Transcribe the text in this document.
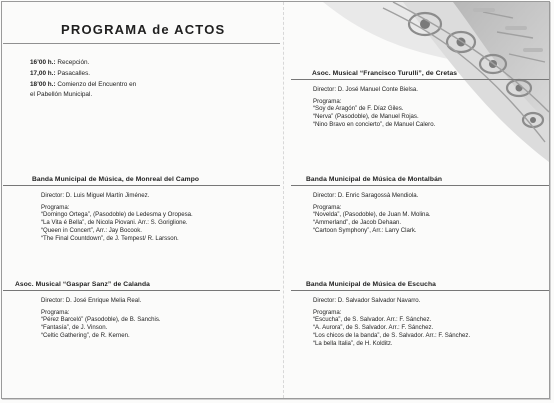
PROGRAMA de ACTOS
16’00 h.: Recepción.
17,00 h.: Pasacalles.
18’00 h.: Comienzo del Encuentro en
el Pabellón Municipal.
Asoc. Musical “Francisco Turulli”, de Cretas
Director: D. José Manuel Conte Bielsa.
Programa:
“Soy de Aragón” de F. Díaz Giles.
“Nerva” (Pasodoble), de Manuel Rojas.
“Nino Bravo en concierto”, de Manuel Calero.
Banda Municipal de Música, de Monreal del Campo
Director: D. Luis Miguel Martín Jiménez.
Programa:
“Domingo Ortega”, (Pasodoble) de Ledesma y Oropesa.
“La Vita é Bella”, de Nicola Piovani. Arr.: S. Goriglione.
“Queen in Concert”, Arr.: Jay Bocook.
“The Final Countdown”, de J. Tempest/ R. Larsson.
Banda Municipal de Música de Montalbán
Director: D. Enric Saragossà Mendiola.
Programa:
“Novelda”, (Pasodoble), de Juan M. Molina.
“Ammerland”, de Jacob Dehaan.
“Cartoon Symphony”, Arr.: Larry Clark.
Asoc. Musical “Gaspar Sanz” de Calanda
Director: D. José Enrique Melia Real.
Programa:
“Pérez Barceló” (Pasodoble), de B. Sanchis.
“Fantasía”, de J. Vinson.
“Celtic Gathering”, de R. Kernen.
Banda Municipal de Música de Escucha
Director: D. Salvador Salvador Navarro.
Programa:
“Escucha”, de S. Salvador. Arr.: F. Sánchez.
“A. Aurora”, de S. Salvador. Arr.: F. Sánchez.
“Los chicos de la banda”, de S. Salvador. Arr.: F. Sánchez.
“La bella Italia”, de H. Kolditz.
